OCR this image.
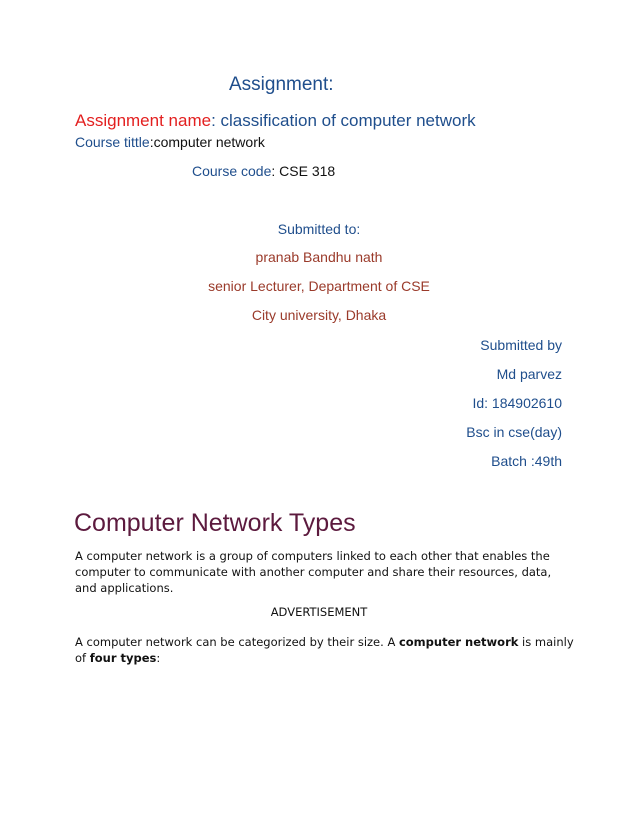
Assignment:
Assignment name: classification of computer network
Course tittle:computer network
Course code: CSE 318
Submitted to:
pranab Bandhu nath
senior Lecturer, Department of CSE
City university, Dhaka
Submitted by
Md parvez
Id: 184902610
Bsc in cse(day)
Batch :49th
Computer Network Types
A computer network is a group of computers linked to each other that enables the computer to communicate with another computer and share their resources, data, and applications.
ADVERTISEMENT
A computer network can be categorized by their size. A computer network is mainly of four types:
